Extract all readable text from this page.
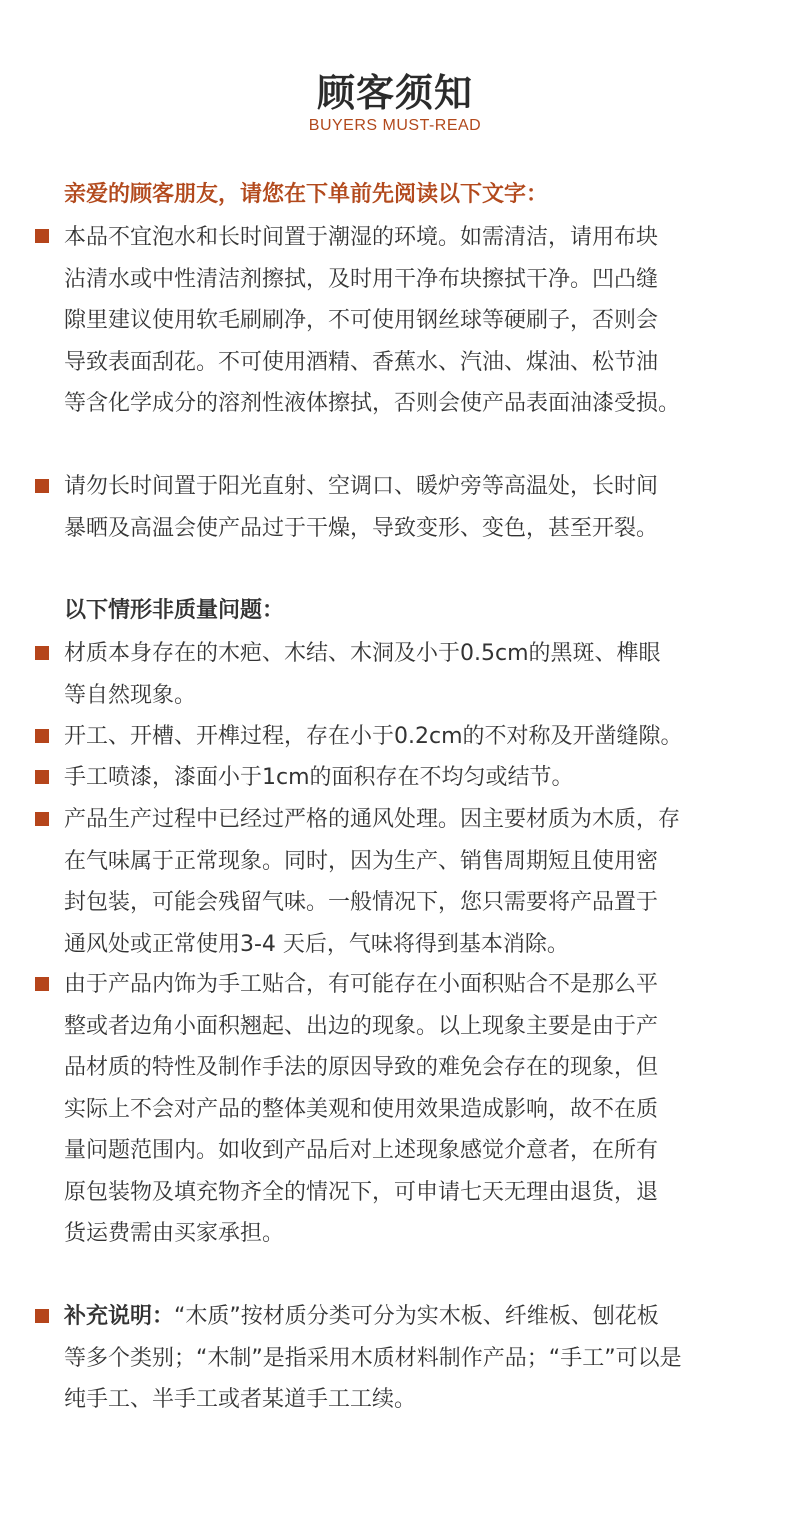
顾客须知
BUYERS MUST-READ
亲爱的顾客朋友，请您在下单前先阅读以下文字：
本品不宜泡水和长时间置于潮湿的环境。如需清洁，请用布块
沾清水或中性清洁剂擦拭，及时用干净布块擦拭干净。凹凸缝
隙里建议使用软毛刷刷净，不可使用钢丝球等硬刷子，否则会
导致表面刮花。不可使用酒精、香蕉水、汽油、煤油、松节油
等含化学成分的溶剂性液体擦拭，否则会使产品表面油漆受损。
请勿长时间置于阳光直射、空调口、暖炉旁等高温处，长时间
暴晒及高温会使产品过于干燥，导致变形、变色，甚至开裂。
以下情形非质量问题：
材质本身存在的木疤、木结、木洞及小于0.5cm的黑斑、榫眼
等自然现象。
开工、开槽、开榫过程，存在小于0.2cm的不对称及开凿缝隙。
手工喷漆，漆面小于1cm的面积存在不均匀或结节。
产品生产过程中已经过严格的通风处理。因主要材质为木质，存
在气味属于正常现象。同时，因为生产、销售周期短且使用密
封包装，可能会残留气味。一般情况下，您只需要将产品置于
通风处或正常使用3-4 天后，气味将得到基本消除。
由于产品内饰为手工贴合，有可能存在小面积贴合不是那么平
整或者边角小面积翘起、出边的现象。以上现象主要是由于产
品材质的特性及制作手法的原因导致的难免会存在的现象，但
实际上不会对产品的整体美观和使用效果造成影响，故不在质
量问题范围内。如收到产品后对上述现象感觉介意者，在所有
原包装物及填充物齐全的情况下，可申请七天无理由退货，退
货运费需由买家承担。
补充说明：“木质”按材质分类可分为实木板、纤维板、刨花板
等多个类别；“木制”是指采用木质材料制作产品；“手工”可以是
纯手工、半手工或者某道手工工续。
